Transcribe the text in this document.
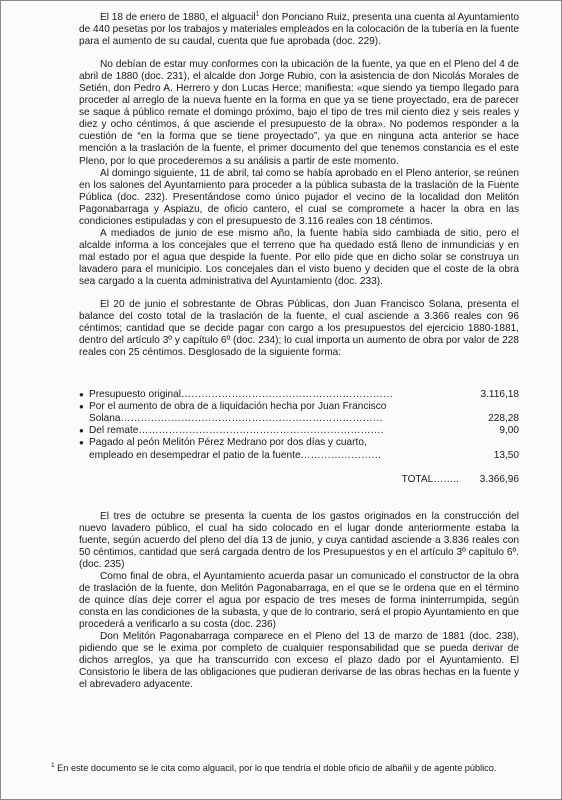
El 18 de enero de 1880, el alguacil$^1$ don Ponciano Ruiz, presenta una cuenta al Ayuntamiento de 440 pesetas por los trabajos y materiales empleados en la colocación de la tubería en la fuente para el aumento de su caudal, cuenta que fue aprobada (doc. 229).

No debían de estar muy conformes con la ubicación de la fuente, ya que en el Pleno del 4 de abril de 1880 (doc. 231), el alcalde don Jorge Rubio, con la asistencia de don Nicolás Morales de Setién, don Pedro A. Herrero y don Lucas Herce; manifiesta: «que siendo ya tiempo llegado para proceder al arreglo de la nueva fuente en la forma en que ya se tiene proyectado, era de parecer se saque á público remate el domingo próximo, bajo el tipo de tres mil ciento diez y seis reales y diez y ocho céntimos, á que asciende el presupuesto de la obra». No podemos responder a la cuestión de “en la forma que se tiene proyectado”, ya que en ninguna acta anterior se hace mención a la traslación de la fuente, el primer documento del que tenemos constancia es el este Pleno, por lo que procederemos a su análisis a partir de este momento.

Al domingo siguiente, 11 de abril, tal como se había aprobado en el Pleno anterior, se reúnen en los salones del Ayuntamiento para proceder a la pública subasta de la traslación de la Fuente Pública (doc. 232). Presentándose como único pujador el vecino de la localidad don Melitón Pagonabarraga y Aspiazu, de oficio cantero, el cual se compromete a hacer la obra en las condiciones estipuladas y con el presupuesto de 3.116 reales con 18 céntimos.

A mediados de junio de ese mismo año, la fuente había sido cambiada de sitio, pero el alcalde informa a los concejales que el terreno que ha quedado está lleno de inmundicias y en mal estado por el agua que despide la fuente. Por ello pide que en dicho solar se construya un lavadero para el municipio. Los concejales dan el visto bueno y deciden que el coste de la obra sea cargado a la cuenta administrativa del Ayuntamiento (doc. 233).

El 20 de junio el sobrestante de Obras Públicas, don Juan Francisco Solana, presenta el balance del costo total de la traslación de la fuente, el cual asciende a 3.366 reales con 96 céntimos; cantidad que se decide pagar con cargo a los presupuestos del ejercicio 1880-1881, dentro del artículo 3º y capítulo 6º (doc. 234); lo cual importa un aumento de obra por valor de 228 reales con 25 céntimos. Desglosado de la siguiente forma:

● Presupuesto original………………………………………………………	3.116,18
● Por el aumento de obra de a liquidación hecha por Juan Francisco
Solana……………………………………………………………………	228,28
● Del remate……………………………………………………………….	9,00
● Pagado al peón Melitón Pérez Medrano por dos días y cuarto,
empleado en desempedrar el patio de la fuente……………………	13,50
TOTAL……..	3.366,96

El tres de octubre se presenta la cuenta de los gastos originados en la construcción del nuevo lavadero público, el cual ha sido colocado en el lugar donde anteriormente estaba la fuente, según acuerdo del pleno del día 13 de junio, y cuya cantidad asciende a 3.836 reales con 50 céntimos, cantidad que será cargada dentro de los Presupuestos y en el artículo 3º capítulo 6º. (doc. 235)

Como final de obra, el Ayuntamiento acuerda pasar un comunicado el constructor de la obra de traslación de la fuente, don Melitón Pagonabarraga, en el que se le ordena que en el término de quince días deje correr el agua por espacio de tres meses de forma ininterrumpida, según consta en las condiciones de la subasta, y que de lo contrario, será el propio Ayuntamiento en que procederá a verificarlo a su costa (doc. 236)

Don Melitón Pagonabarraga comparece en el Pleno del 13 de marzo de 1881 (doc. 238), pidiendo que se le exima por completo de cualquier responsabilidad que se pueda derivar de dichos arreglos, ya que ha transcurrido con exceso el plazo dado por el Ayuntamiento. El Consistorio le libera de las obligaciones que pudieran derivarse de las obras hechas en la fuente y el abrevadero adyacente.

$^1$ En este documento se le cita como alguacil, por lo que tendría el doble oficio de albañil y de agente público.
